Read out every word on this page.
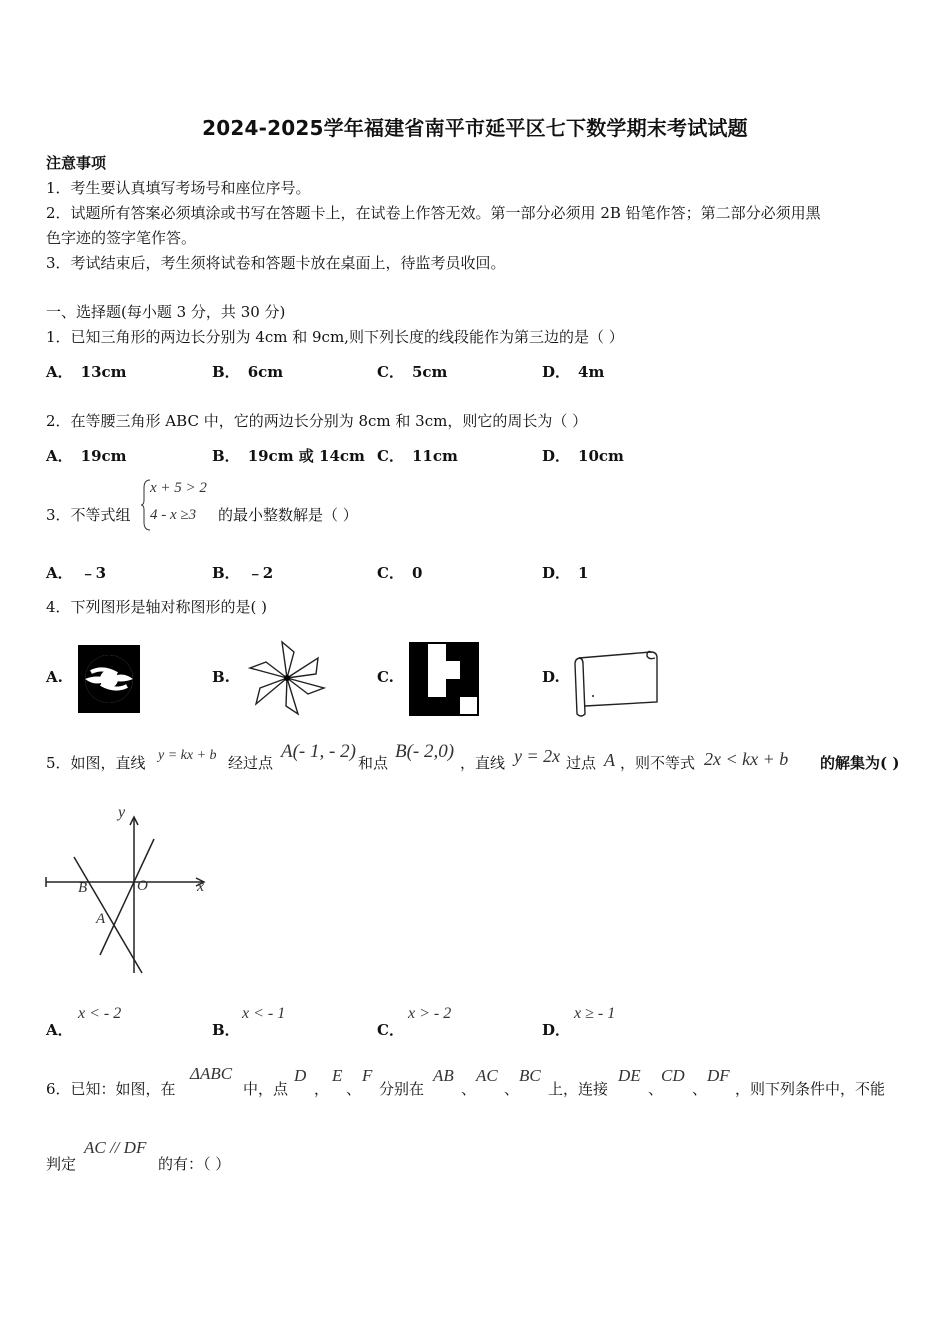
2024-2025学年福建省南平市延平区七下数学期末考试试题
注意事项
1．考生要认真填写考场号和座位序号。
2．试题所有答案必须填涂或书写在答题卡上，在试卷上作答无效。第一部分必须用 2B 铅笔作答；第二部分必须用黑
色字迹的签字笔作答。
3．考试结束后，考生须将试卷和答题卡放在桌面上，待监考员收回。
一、选择题(每小题 3 分，共 30 分)
1．已知三角形的两边长分别为 4cm 和 9cm,则下列长度的线段能作为第三边的是（ ）
A． 13cm	B． 6cm	C． 5cm	D． 4m
2．在等腰三角形 ABC 中，它的两边长分别为 8cm 和 3cm，则它的周长为（ ）
A． 19cm	B． 19cm 或 14cm C． 11cm	D． 10cm
3．不等式组
x + 5 > 2
4 - x ≥3 的最小整数解是（ ）
A． ﹣3	B． ﹣2	C． 0	D． 1
4．下列图形是轴对称图形的是( )
A.	B.	C.	D.
5．如图，直线 y = kx + b 经过点
A(- 1, - 2)
和点
B(- 2,0)
，直线 y = 2x 过点 A ，则不等式 2x < kx + b 的解集为( )
y
x
O
B
A
A．
x < - 2
B．
x < - 1
C．
x > - 2
D．
x ≥ - 1
6．已知：如图，在
ΔABC
中，点
D
，
E
、
F
分别在
AB
、
AC
、
BC
上，连接
DE
、
CD
、
DF
，则下列条件中，不能
判定
AC // DF
的有：（ ）
